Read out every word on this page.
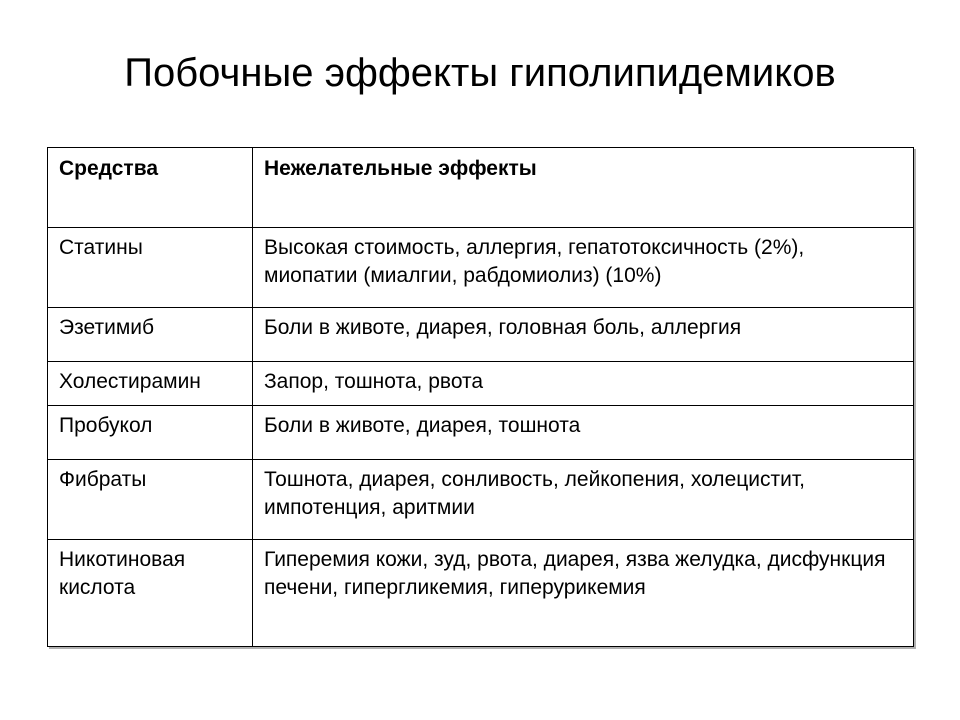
Побочные эффекты гиполипидемиков
Средства	Нежелательные эффекты
Статины	Высокая стоимость, аллергия, гепатотоксичность (2%), миопатии (миалгии, рабдомиолиз) (10%)
Эзетимиб	Боли в животе, диарея, головная боль, аллергия
Холестирамин	Запор, тошнота, рвота
Пробукол	Боли в животе, диарея, тошнота
Фибраты	Тошнота, диарея, сонливость, лейкопения, холецистит, импотенция, аритмии
Никотиновая кислота	Гиперемия кожи, зуд, рвота, диарея, язва желудка, дисфункция печени, гипергликемия, гиперурикемия
